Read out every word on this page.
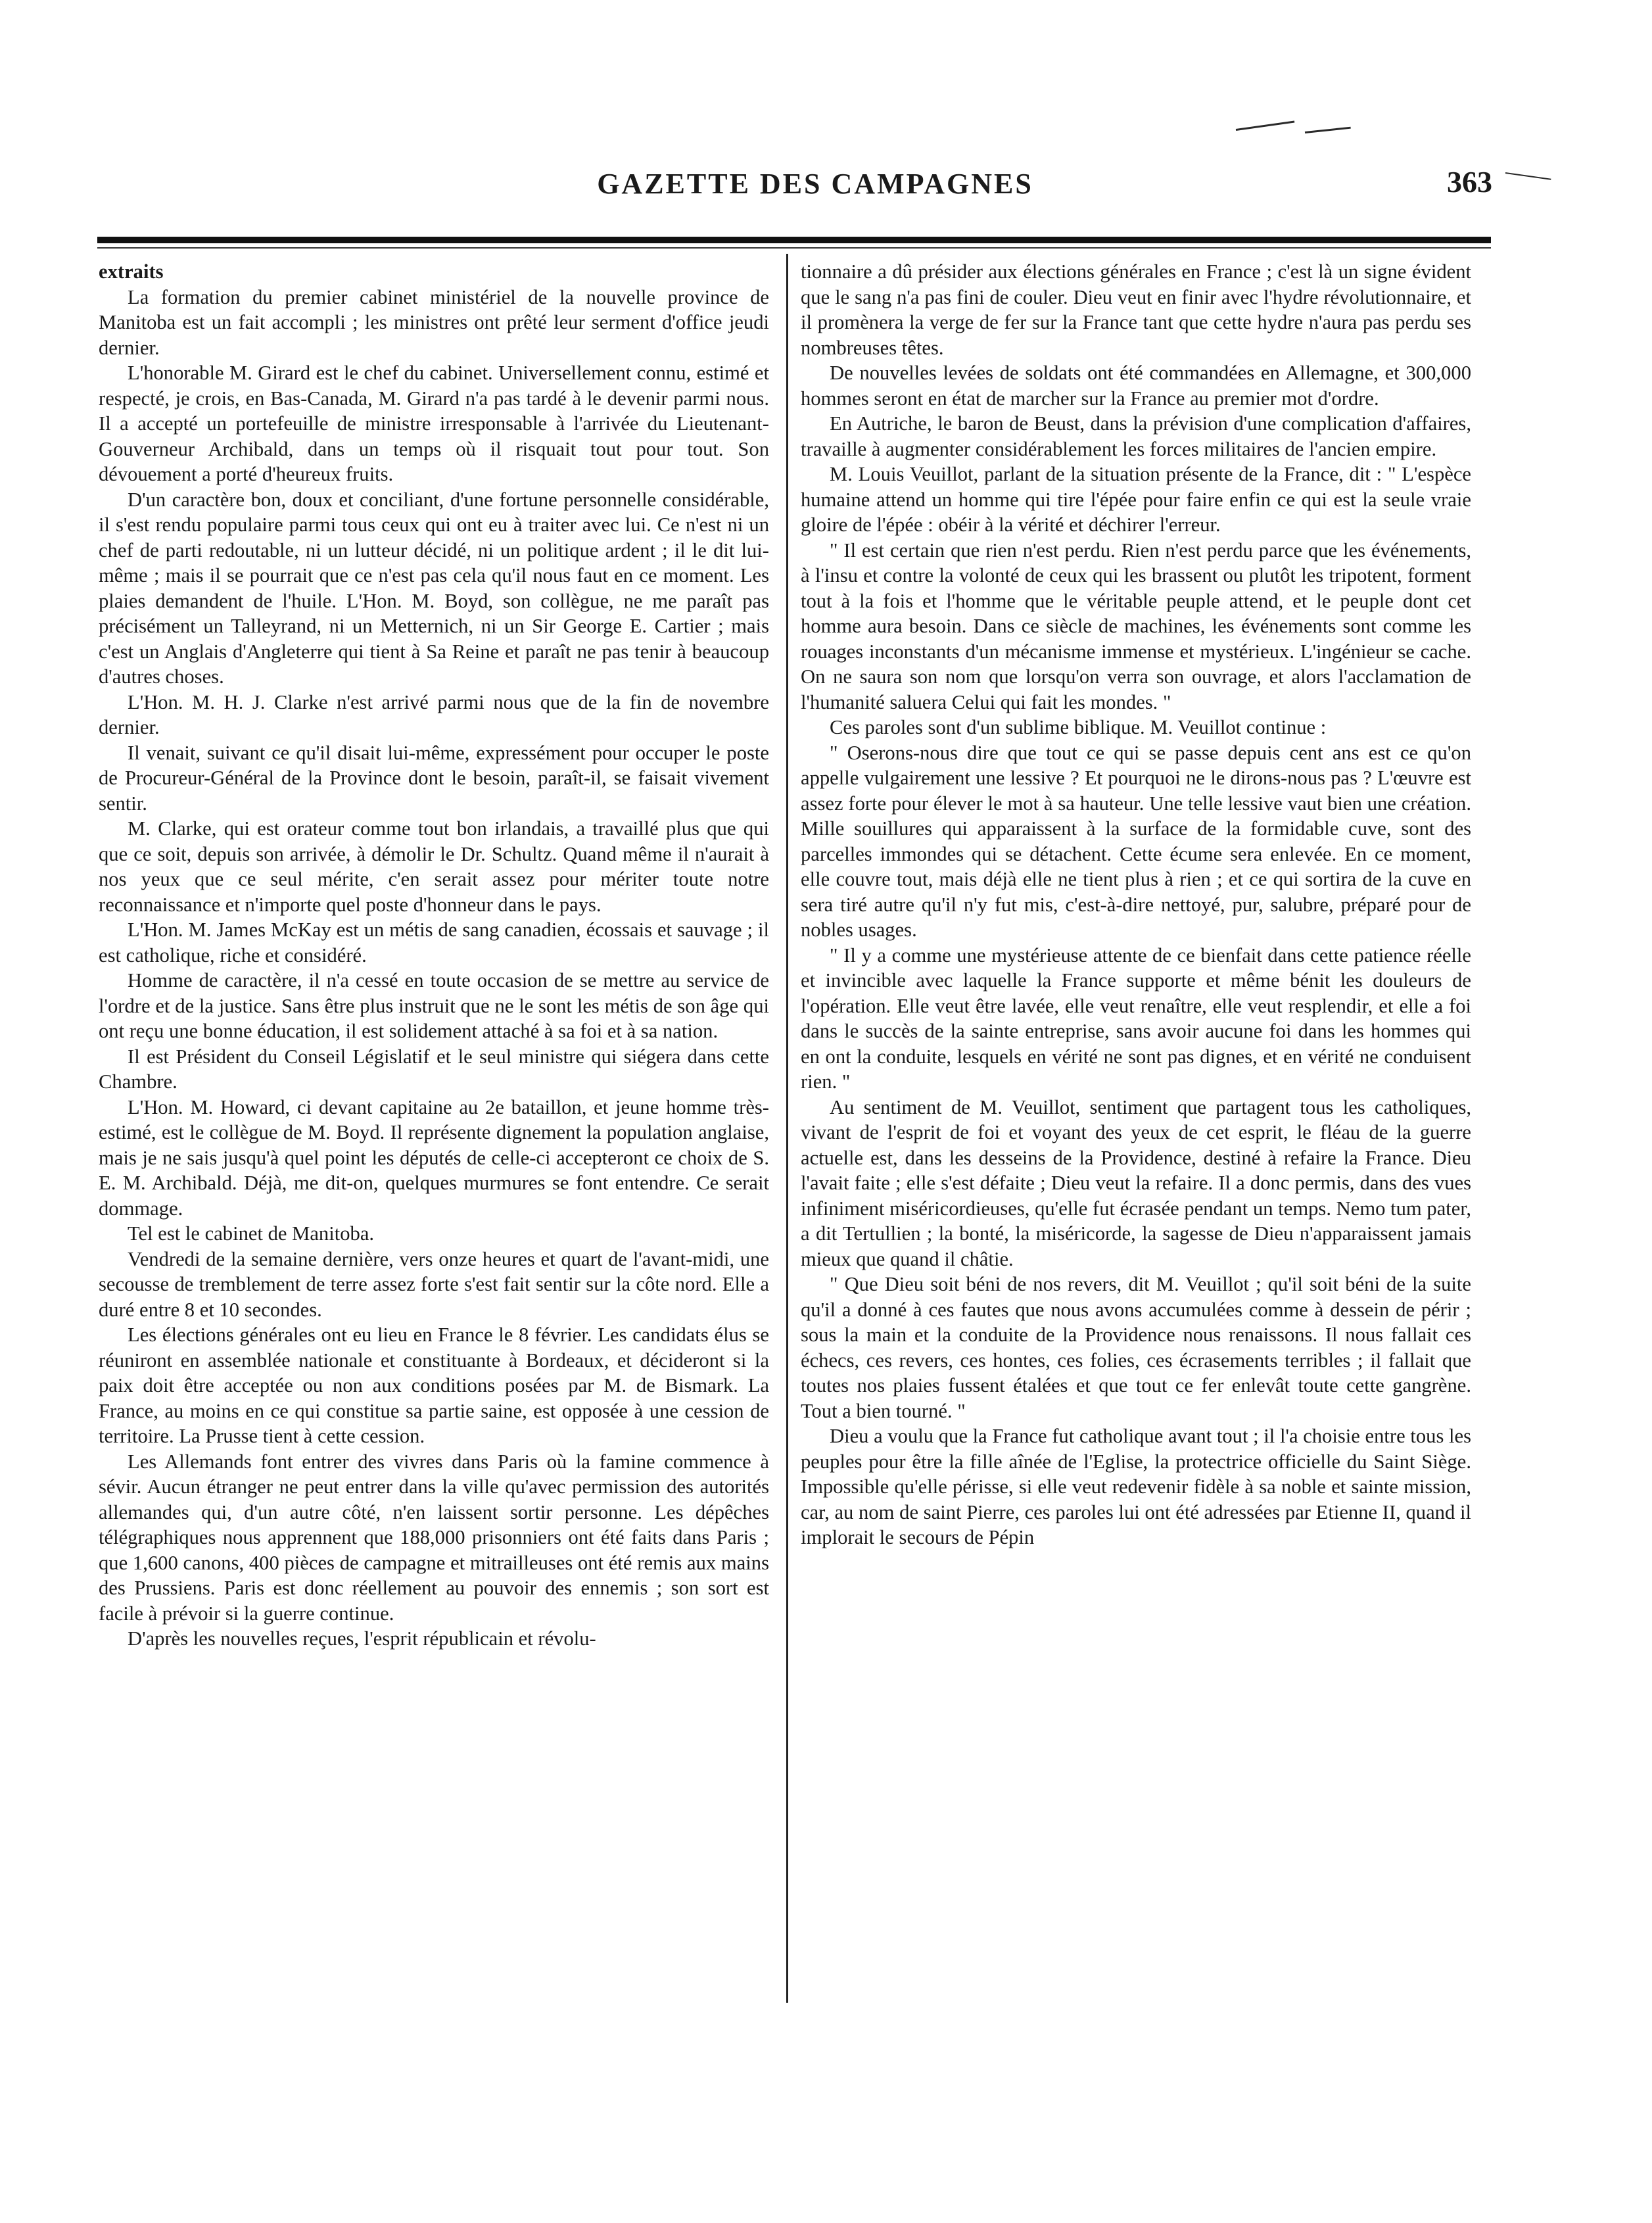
GAZETTE DES CAMPAGNES	363

extraits

La formation du premier cabinet ministériel de la nouvelle province de Manitoba est un fait accompli ; les ministres ont prêté leur serment d'office jeudi dernier.

L'honorable M. Girard est le chef du cabinet. Universellement connu, estimé et respecté, je crois, en Bas-Canada, M. Girard n'a pas tardé à le devenir parmi nous. Il a accepté un portefeuille de ministre irresponsable à l'arrivée du Lieutenant-Gouverneur Archibald, dans un temps où il risquait tout pour tout. Son dévouement a porté d'heureux fruits.

D'un caractère bon, doux et conciliant, d'une fortune personnelle considérable, il s'est rendu populaire parmi tous ceux qui ont eu à traiter avec lui. Ce n'est ni un chef de parti redoutable, ni un lutteur décidé, ni un politique ardent ; il le dit lui-même ; mais il se pourrait que ce n'est pas cela qu'il nous faut en ce moment. Les plaies demandent de l'huile. L'Hon. M. Boyd, son collègue, ne me paraît pas précisément un Talleyrand, ni un Metternich, ni un Sir George E. Cartier ; mais c'est un Anglais d'Angleterre qui tient à Sa Reine et paraît ne pas tenir à beaucoup d'autres choses.

L'Hon. M. H. J. Clarke n'est arrivé parmi nous que de la fin de novembre dernier.

Il venait, suivant ce qu'il disait lui-même, expressément pour occuper le poste de Procureur-Général de la Province dont le besoin, paraît-il, se faisait vivement sentir.

M. Clarke, qui est orateur comme tout bon irlandais, a travaillé plus que qui que ce soit, depuis son arrivée, à démolir le Dr. Schultz. Quand même il n'aurait à nos yeux que ce seul mérite, c'en serait assez pour mériter toute notre reconnaissance et n'importe quel poste d'honneur dans le pays.

L'Hon. M. James McKay est un métis de sang canadien, écossais et sauvage ; il est catholique, riche et considéré.

Homme de caractère, il n'a cessé en toute occasion de se mettre au service de l'ordre et de la justice. Sans être plus instruit que ne le sont les métis de son âge qui ont reçu une bonne éducation, il est solidement attaché à sa foi et à sa nation.

Il est Président du Conseil Législatif et le seul ministre qui siégera dans cette Chambre.

L'Hon. M. Howard, ci devant capitaine au 2e bataillon, et jeune homme très-estimé, est le collègue de M. Boyd. Il représente dignement la population anglaise, mais je ne sais jusqu'à quel point les députés de celle-ci accepteront ce choix de S. E. M. Archibald. Déjà, me dit-on, quelques murmures se font entendre. Ce serait dommage.

Tel est le cabinet de Manitoba.

Vendredi de la semaine dernière, vers onze heures et quart de l'avant-midi, une secousse de tremblement de terre assez forte s'est fait sentir sur la côte nord. Elle a duré entre 8 et 10 secondes.

Les élections générales ont eu lieu en France le 8 février. Les candidats élus se réuniront en assemblée nationale et constituante à Bordeaux, et décideront si la paix doit être acceptée ou non aux conditions posées par M. de Bismark. La France, au moins en ce qui constitue sa partie saine, est opposée à une cession de territoire. La Prusse tient à cette cession.

Les Allemands font entrer des vivres dans Paris où la famine commence à sévir. Aucun étranger ne peut entrer dans la ville qu'avec permission des autorités allemandes qui, d'un autre côté, n'en laissent sortir personne. Les dépêches télégraphiques nous apprennent que 188,000 prisonniers ont été faits dans Paris ; que 1,600 canons, 400 pièces de campagne et mitrailleuses ont été remis aux mains des Prussiens. Paris est donc réellement au pouvoir des ennemis ; son sort est facile à prévoir si la guerre continue.

D'après les nouvelles reçues, l'esprit républicain et révolu-

tionnaire a dû présider aux élections générales en France ; c'est là un signe évident que le sang n'a pas fini de couler. Dieu veut en finir avec l'hydre révolutionnaire, et il promènera la verge de fer sur la France tant que cette hydre n'aura pas perdu ses nombreuses têtes.

De nouvelles levées de soldats ont été commandées en Allemagne, et 300,000 hommes seront en état de marcher sur la France au premier mot d'ordre.

En Autriche, le baron de Beust, dans la prévision d'une complication d'affaires, travaille à augmenter considérablement les forces militaires de l'ancien empire.

M. Louis Veuillot, parlant de la situation présente de la France, dit : " L'espèce humaine attend un homme qui tire l'épée pour faire enfin ce qui est la seule vraie gloire de l'épée : obéir à la vérité et déchirer l'erreur.

" Il est certain que rien n'est perdu. Rien n'est perdu parce que les événements, à l'insu et contre la volonté de ceux qui les brassent ou plutôt les tripotent, forment tout à la fois et l'homme que le véritable peuple attend, et le peuple dont cet homme aura besoin. Dans ce siècle de machines, les événements sont comme les rouages inconstants d'un mécanisme immense et mystérieux. L'ingénieur se cache. On ne saura son nom que lorsqu'on verra son ouvrage, et alors l'acclamation de l'humanité saluera Celui qui fait les mondes. "

Ces paroles sont d'un sublime biblique. M. Veuillot continue :

" Oserons-nous dire que tout ce qui se passe depuis cent ans est ce qu'on appelle vulgairement une lessive ? Et pourquoi ne le dirons-nous pas ? L'œuvre est assez forte pour élever le mot à sa hauteur. Une telle lessive vaut bien une création. Mille souillures qui apparaissent à la surface de la formidable cuve, sont des parcelles immondes qui se détachent. Cette écume sera enlevée. En ce moment, elle couvre tout, mais déjà elle ne tient plus à rien ; et ce qui sortira de la cuve en sera tiré autre qu'il n'y fut mis, c'est-à-dire nettoyé, pur, salubre, préparé pour de nobles usages.

" Il y a comme une mystérieuse attente de ce bienfait dans cette patience réelle et invincible avec laquelle la France supporte et même bénit les douleurs de l'opération. Elle veut être lavée, elle veut renaître, elle veut resplendir, et elle a foi dans le succès de la sainte entreprise, sans avoir aucune foi dans les hommes qui en ont la conduite, lesquels en vérité ne sont pas dignes, et en vérité ne conduisent rien. "

Au sentiment de M. Veuillot, sentiment que partagent tous les catholiques, vivant de l'esprit de foi et voyant des yeux de cet esprit, le fléau de la guerre actuelle est, dans les desseins de la Providence, destiné à refaire la France. Dieu l'avait faite ; elle s'est défaite ; Dieu veut la refaire. Il a donc permis, dans des vues infiniment miséricordieuses, qu'elle fut écrasée pendant un temps. Nemo tum pater, a dit Tertullien ; la bonté, la miséricorde, la sagesse de Dieu n'apparaissent jamais mieux que quand il châtie.

" Que Dieu soit béni de nos revers, dit M. Veuillot ; qu'il soit béni de la suite qu'il a donné à ces fautes que nous avons accumulées comme à dessein de périr ; sous la main et la conduite de la Providence nous renaissons. Il nous fallait ces échecs, ces revers, ces hontes, ces folies, ces écrasements terribles ; il fallait que toutes nos plaies fussent étalées et que tout ce fer enlevât toute cette gangrène. Tout a bien tourné. "

Dieu a voulu que la France fut catholique avant tout ; il l'a choisie entre tous les peuples pour être la fille aînée de l'Eglise, la protectrice officielle du Saint Siège. Impossible qu'elle périsse, si elle veut redevenir fidèle à sa noble et sainte mission, car, au nom de saint Pierre, ces paroles lui ont été adressées par Etienne II, quand il implorait le secours de Pépin
